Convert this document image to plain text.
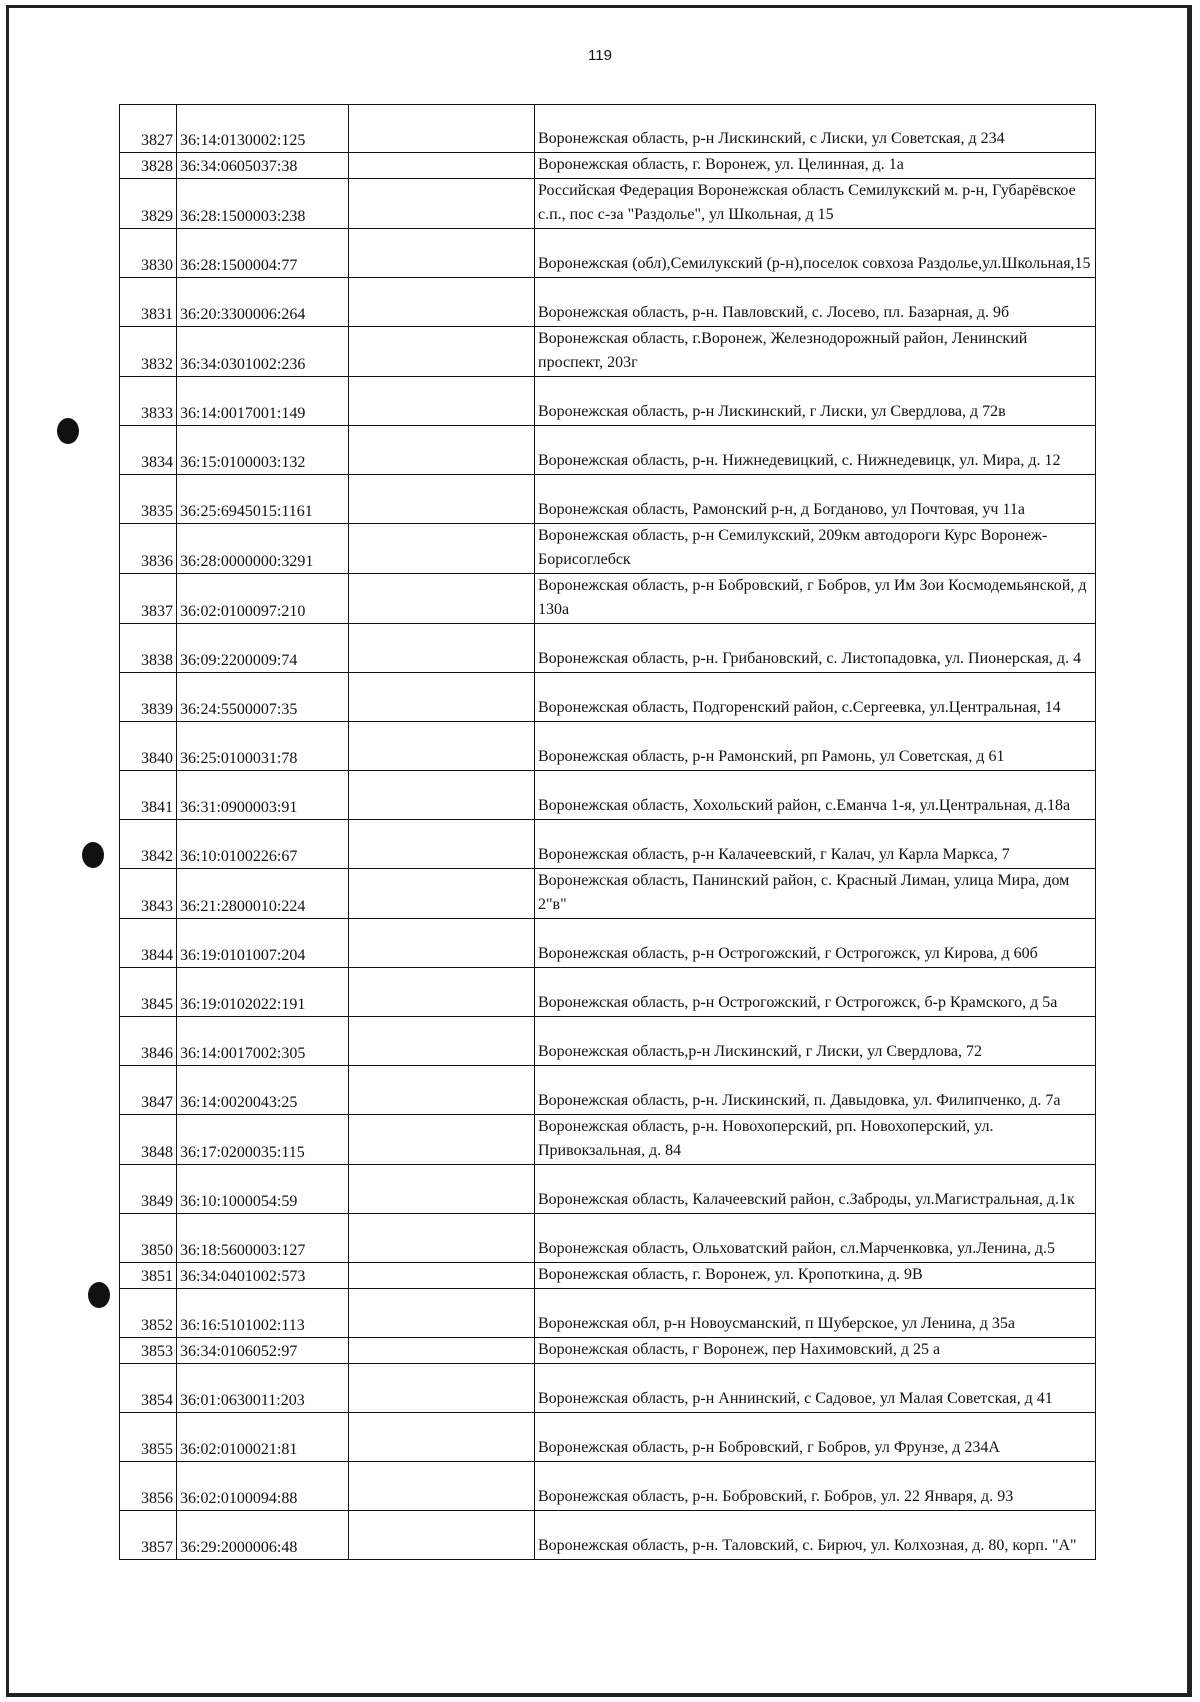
119
3827	36:14:0130002:125		Воронежская область, р-н Лискинский, с Лиски, ул Советская, д 234
3828	36:34:0605037:38		Воронежская область, г. Воронеж, ул. Целинная, д. 1а
3829	36:28:1500003:238		Российская Федерация Воронежская область Семилукский м. р-н, Губарёвское с.п., пос с-за "Раздолье", ул Школьная, д 15
3830	36:28:1500004:77		Воронежская (обл),Семилукский (р-н),поселок совхоза Раздолье,ул.Школьная,15
3831	36:20:3300006:264		Воронежская область, р-н. Павловский, с. Лосево, пл. Базарная, д. 9б
3832	36:34:0301002:236		Воронежская область, г.Воронеж, Железнодорожный район, Ленинский проспект, 203г
3833	36:14:0017001:149		Воронежская область, р-н Лискинский, г Лиски, ул Свердлова, д 72в
3834	36:15:0100003:132		Воронежская область, р-н. Нижнедевицкий, с. Нижнедевицк, ул. Мира, д. 12
3835	36:25:6945015:1161		Воронежская область, Рамонский р-н, д Богданово, ул Почтовая, уч 11а
3836	36:28:0000000:3291		Воронежская область, р-н Семилукский, 209км автодороги Курс Воронеж-Борисоглебск
3837	36:02:0100097:210		Воронежская область, р-н Бобровский, г Бобров, ул Им Зои Космодемьянской, д 130а
3838	36:09:2200009:74		Воронежская область, р-н. Грибановский, с. Листопадовка, ул. Пионерская, д. 4
3839	36:24:5500007:35		Воронежская область, Подгоренский район, с.Сергеевка, ул.Центральная, 14
3840	36:25:0100031:78		Воронежская область, р-н Рамонский, рп Рамонь, ул Советская, д 61
3841	36:31:0900003:91		Воронежская область, Хохольский район, с.Еманча 1-я, ул.Центральная, д.18а
3842	36:10:0100226:67		Воронежская область, р-н Калачеевский, г Калач, ул Карла Маркса, 7
3843	36:21:2800010:224		Воронежская область, Панинский район, с. Красный Лиман, улица Мира, дом 2"в"
3844	36:19:0101007:204		Воронежская область, р-н Острогожский, г Острогожск, ул Кирова, д 60б
3845	36:19:0102022:191		Воронежская область, р-н Острогожский, г Острогожск, б-р Крамского, д 5а
3846	36:14:0017002:305		Воронежская область,р-н Лискинский, г Лиски, ул Свердлова, 72
3847	36:14:0020043:25		Воронежская область, р-н. Лискинский, п. Давыдовка, ул. Филипченко, д. 7а
3848	36:17:0200035:115		Воронежская область, р-н. Новохоперский, рп. Новохоперский, ул. Привокзальная, д. 84
3849	36:10:1000054:59		Воронежская область, Калачеевский район, с.Заброды, ул.Магистральная, д.1к
3850	36:18:5600003:127		Воронежская область, Ольховатский район, сл.Марченковка, ул.Ленина, д.5
3851	36:34:0401002:573		Воронежская область, г. Воронеж, ул. Кропоткина, д. 9В
3852	36:16:5101002:113		Воронежская обл, р-н Новоусманский, п Шуберское, ул Ленина, д 35а
3853	36:34:0106052:97		Воронежская область, г Воронеж, пер Нахимовский, д 25 а
3854	36:01:0630011:203		Воронежская область, р-н Аннинский, с Садовое, ул Малая Советская, д 41
3855	36:02:0100021:81		Воронежская область, р-н Бобровский, г Бобров, ул Фрунзе, д 234А
3856	36:02:0100094:88		Воронежская область, р-н. Бобровский, г. Бобров, ул. 22 Января, д. 93
3857	36:29:2000006:48		Воронежская область, р-н. Таловский, с. Бирюч, ул. Колхозная, д. 80, корп. "А"
